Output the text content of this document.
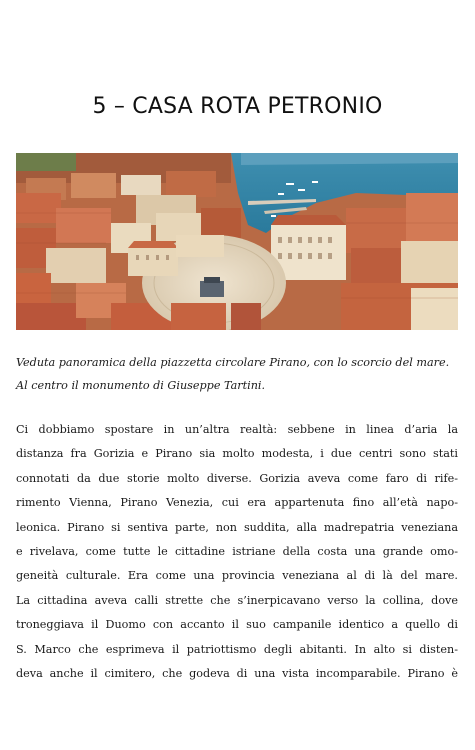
5 – CASA ROTA PETRONIO

Veduta panoramica della piazzetta circolare Pirano, con lo scorcio del mare.
Al centro il monumento di Giuseppe Tartini.

Ci dobbiamo spostare in un’altra realtà: sebbene in linea d’aria la
distanza fra Gorizia e Pirano sia molto modesta, i due centri sono stati
connotati da due storie molto diverse. Gorizia aveva come faro di rife-
rimento Vienna, Pirano Venezia, cui era appartenuta fino all’età napo-
leonica. Pirano si sentiva parte, non suddita, alla madrepatria veneziana
e rivelava, come tutte le cittadine istriane della costa una grande omo-
geneità culturale. Era come una provincia veneziana al di là del mare.
La cittadina aveva calli strette che s’inerpicavano verso la collina, dove
troneggiava il Duomo con accanto il suo campanile identico a quello di
S. Marco che esprimeva il patriottismo degli abitanti. In alto si disten-
deva anche il cimitero, che godeva di una vista incomparabile. Pirano è
